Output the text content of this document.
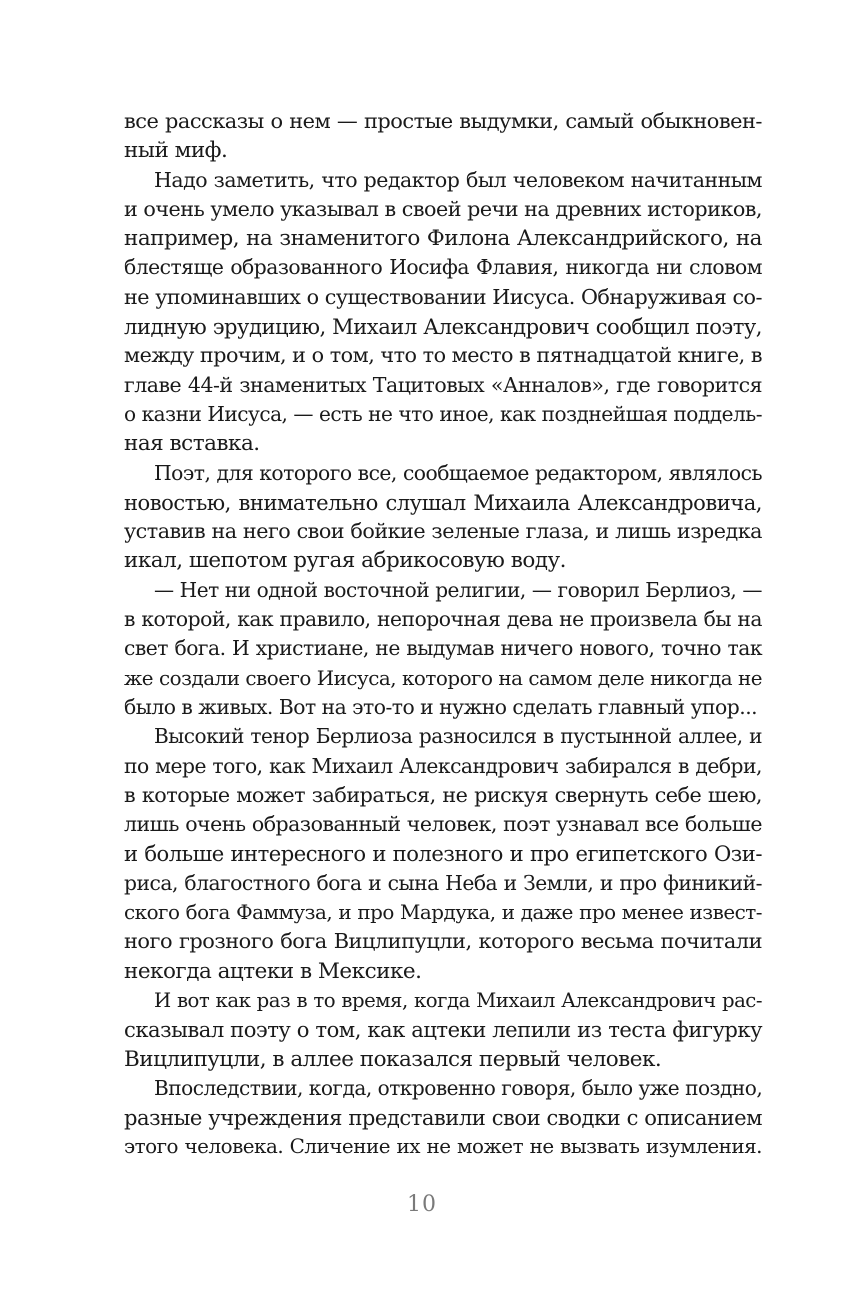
все рассказы о нем — простые выдумки, самый обыкновен-
ный миф.
Надо заметить, что редактор был человеком начитанным
и очень умело указывал в своей речи на древних историков,
например, на знаменитого Филона Александрийского, на
блестяще образованного Иосифа Флавия, никогда ни словом
не упоминавших о существовании Иисуса. Обнаруживая со-
лидную эрудицию, Михаил Александрович сообщил поэту,
между прочим, и о том, что то место в пятнадцатой книге, в
главе 44-й знаменитых Тацитовых «Анналов», где говорится
о казни Иисуса, — есть не что иное, как позднейшая поддель-
ная вставка.
Поэт, для которого все, сообщаемое редактором, являлось
новостью, внимательно слушал Михаила Александровича,
уставив на него свои бойкие зеленые глаза, и лишь изредка
икал, шепотом ругая абрикосовую воду.
— Нет ни одной восточной религии, — говорил Берлиоз, —
в которой, как правило, непорочная дева не произвела бы на
свет бога. И христиане, не выдумав ничего нового, точно так
же создали своего Иисуса, которого на самом деле никогда не
было в живых. Вот на это-то и нужно сделать главный упор...
Высокий тенор Берлиоза разносился в пустынной аллее, и
по мере того, как Михаил Александрович забирался в дебри,
в которые может забираться, не рискуя свернуть себе шею,
лишь очень образованный человек, поэт узнавал все больше
и больше интересного и полезного и про египетского Ози-
риса, благостного бога и сына Неба и Земли, и про финикий-
ского бога Фаммуза, и про Мардука, и даже про менее извест-
ного грозного бога Вицлипуцли, которого весьма почитали
некогда ацтеки в Мексике.
И вот как раз в то время, когда Михаил Александрович рас-
сказывал поэту о том, как ацтеки лепили из теста фигурку
Вицлипуцли, в аллее показался первый человек.
Впоследствии, когда, откровенно говоря, было уже поздно,
разные учреждения представили свои сводки с описанием
этого человека. Сличение их не может не вызвать изумления.
10
